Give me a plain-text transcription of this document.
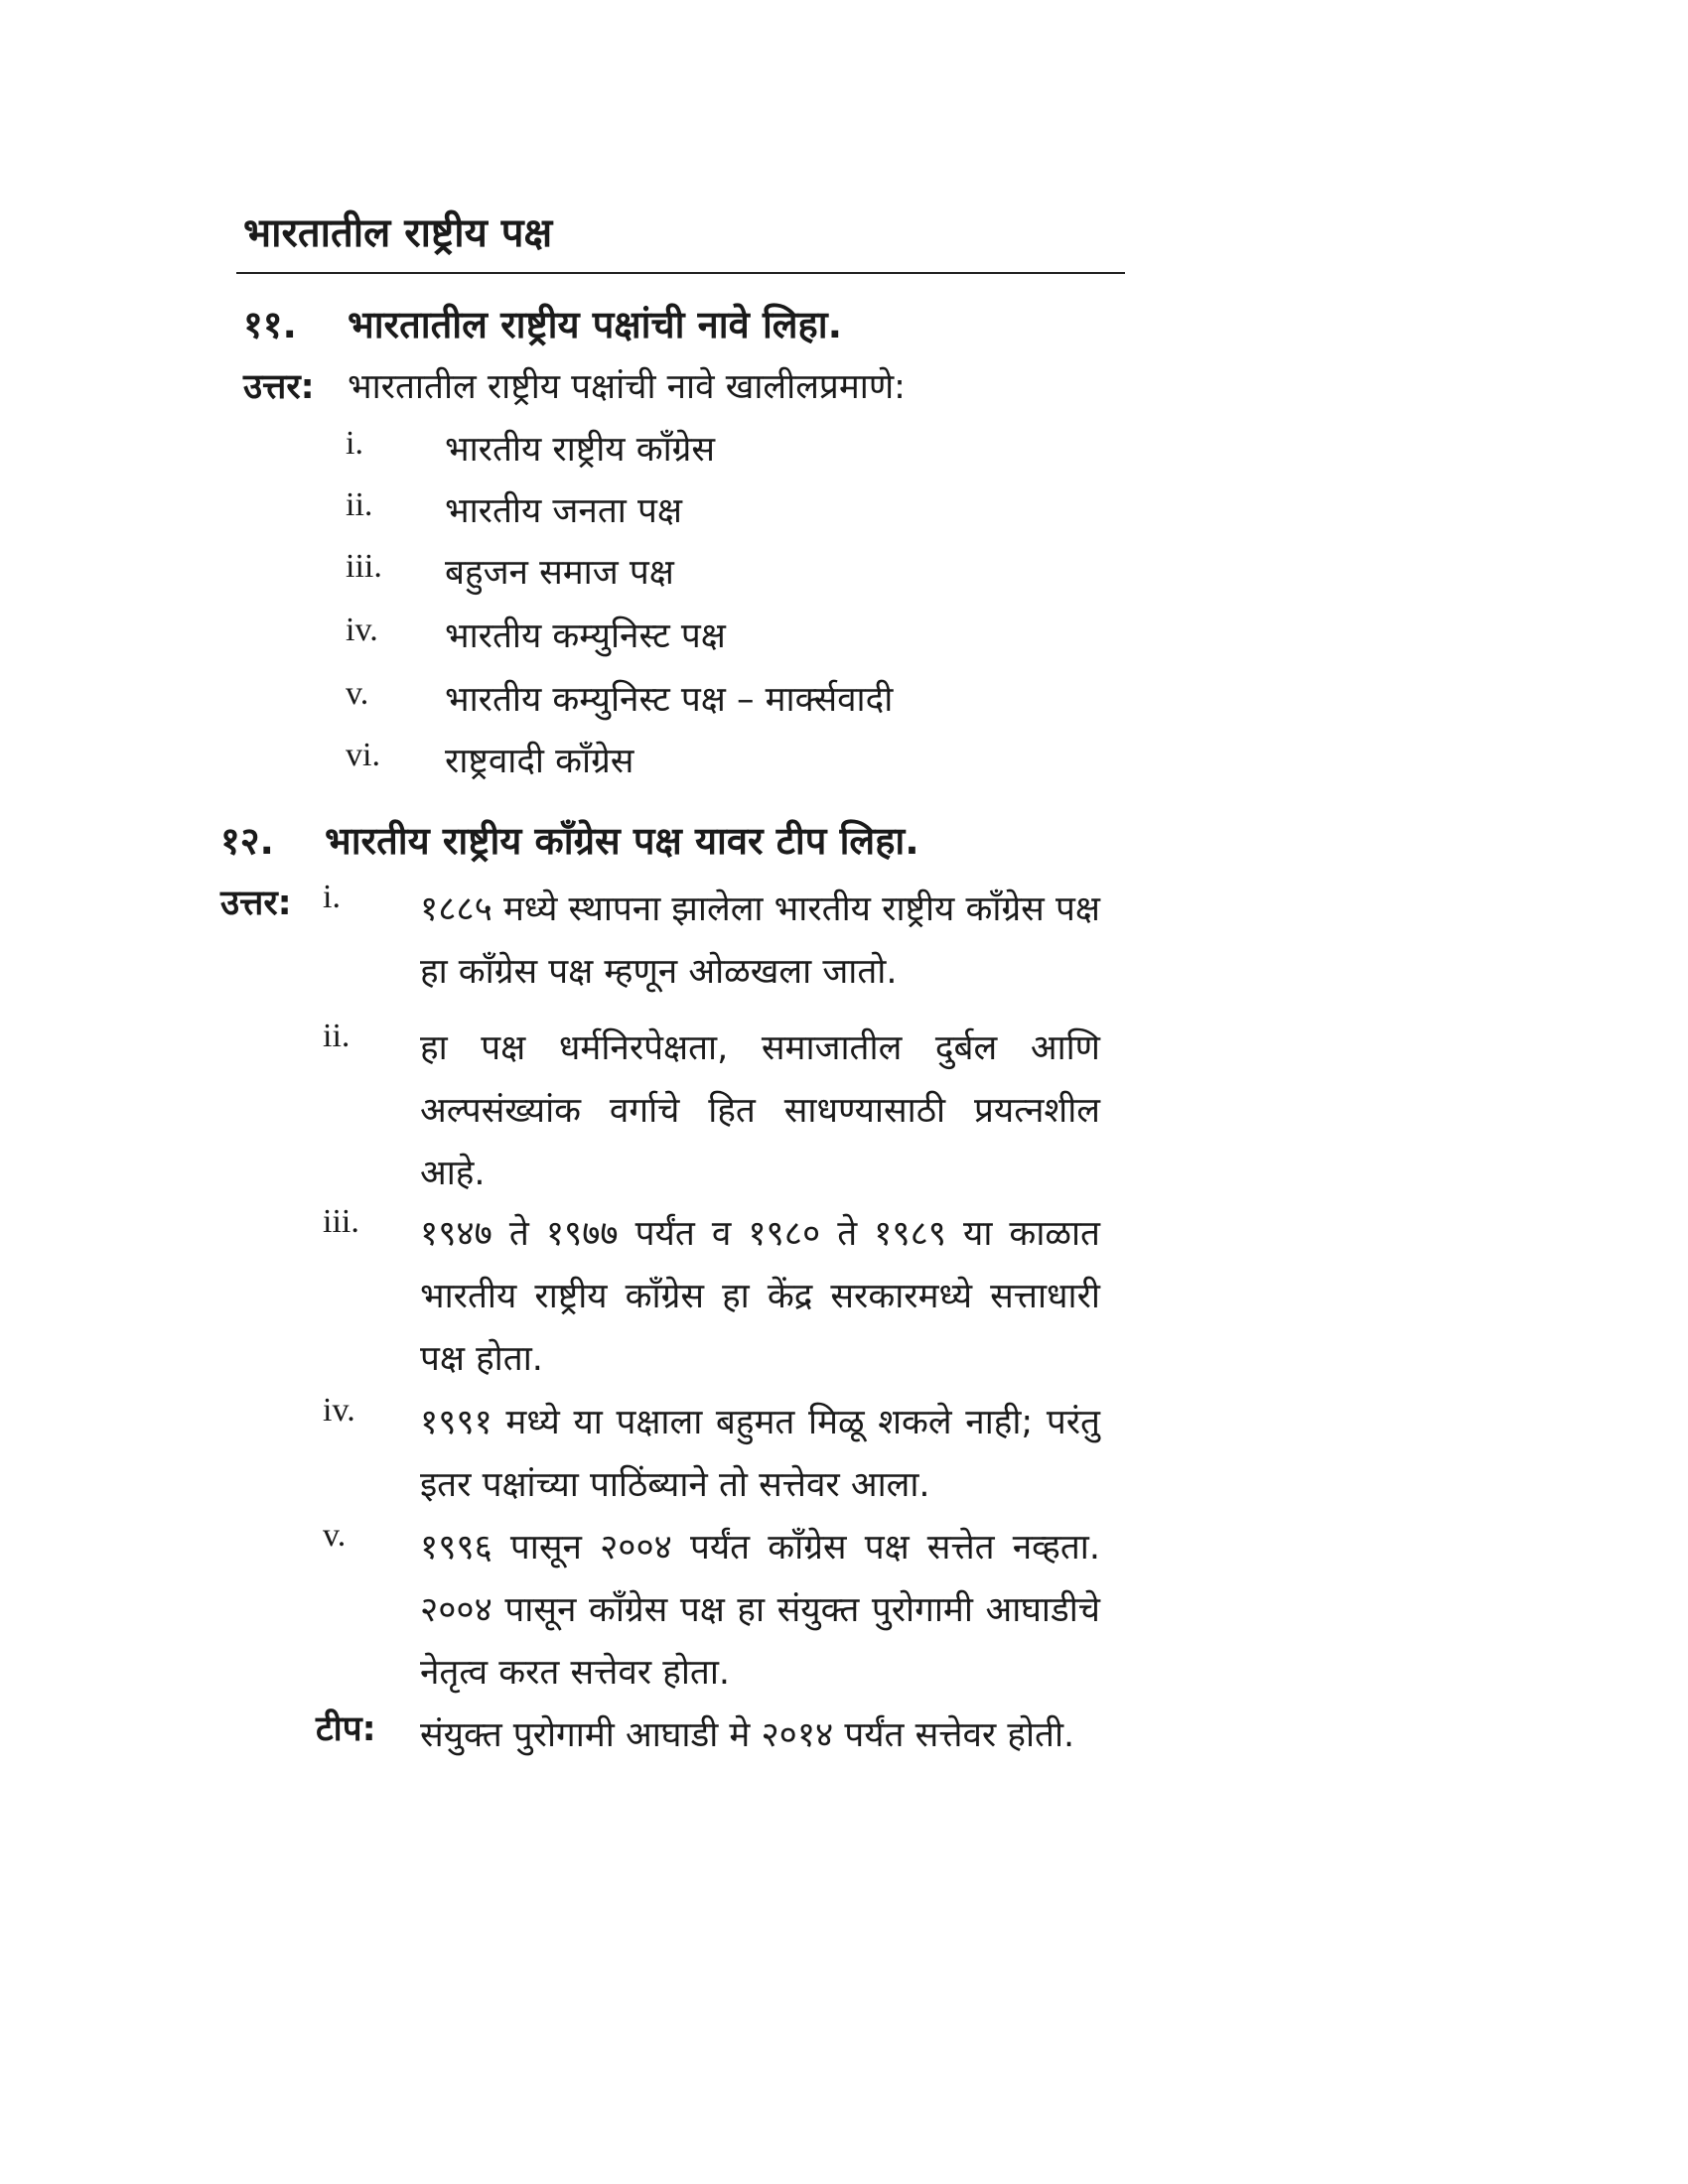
भारतातील राष्ट्रीय पक्ष
११. भारतातील राष्ट्रीय पक्षांची नावे लिहा.
उत्तर: भारतातील राष्ट्रीय पक्षांची नावे खालीलप्रमाणे:
i. भारतीय राष्ट्रीय कॉंग्रेस
ii. भारतीय जनता पक्ष
iii. बहुजन समाज पक्ष
iv. भारतीय कम्युनिस्ट पक्ष
v. भारतीय कम्युनिस्ट पक्ष – मार्क्सवादी
vi. राष्ट्रवादी कॉंग्रेस
१२. भारतीय राष्ट्रीय कॉंग्रेस पक्ष यावर टीप लिहा.
उत्तर: i. १८८५ मध्ये स्थापना झालेला भारतीय राष्ट्रीय कॉंग्रेस पक्ष हा कॉंग्रेस पक्ष म्हणून ओळखला जातो.
ii. हा पक्ष धर्मनिरपेक्षता, समाजातील दुर्बल आणि अल्पसंख्यांक वर्गाचे हित साधण्यासाठी प्रयत्नशील आहे.
iii. १९४७ ते १९७७ पर्यंत व १९८० ते १९८९ या काळात भारतीय राष्ट्रीय कॉंग्रेस हा केंद्र सरकारमध्ये सत्ताधारी पक्ष होता.
iv. १९९१ मध्ये या पक्षाला बहुमत मिळू शकले नाही; परंतु इतर पक्षांच्या पाठिंब्याने तो सत्तेवर आला.
v. १९९६ पासून २००४ पर्यंत कॉंग्रेस पक्ष सत्तेत नव्हता. २००४ पासून कॉंग्रेस पक्ष हा संयुक्त पुरोगामी आघाडीचे नेतृत्व करत सत्तेवर होता.
टीप: संयुक्त पुरोगामी आघाडी मे २०१४ पर्यंत सत्तेवर होती.
